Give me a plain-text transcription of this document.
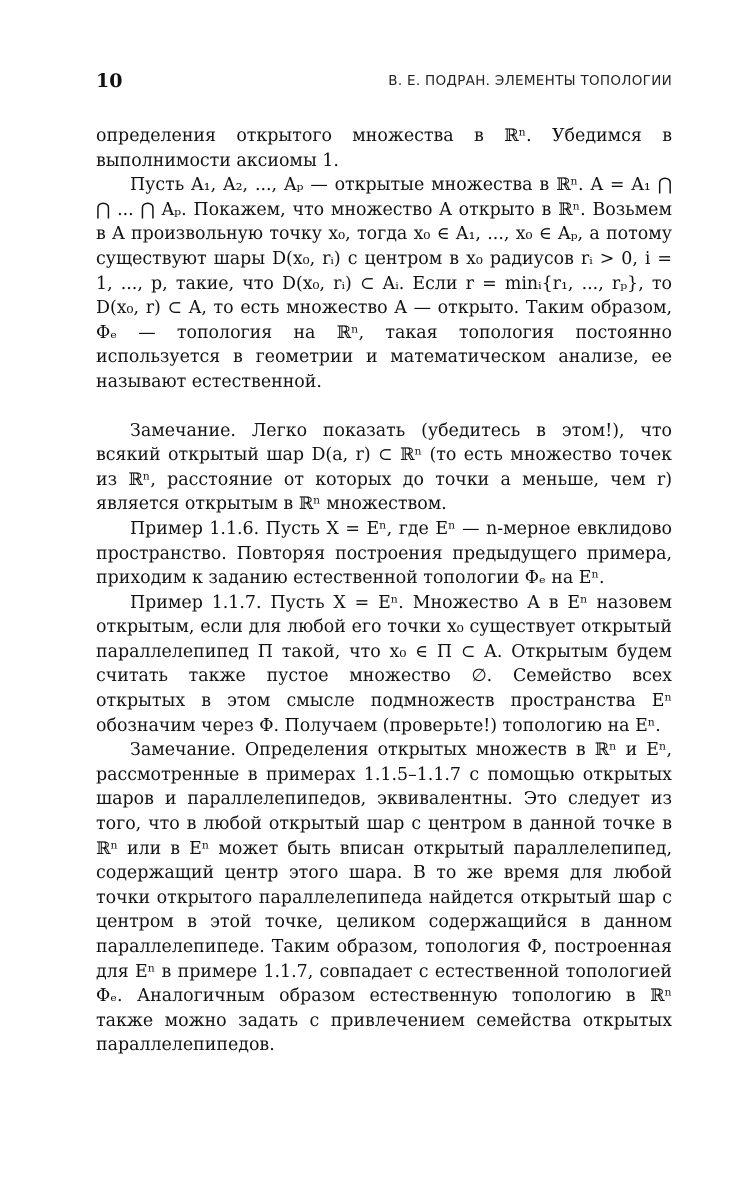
10	В. Е. ПОДРАН. ЭЛЕМЕНТЫ ТОПОЛОГИИ

определения открытого множества в ℝⁿ. Убедимся в выполнимости аксиомы 1.

Пусть A₁, A₂, ..., Aₚ — открытые множества в ℝⁿ. A = A₁ ⋂ ⋂ ... ⋂ Aₚ. Покажем, что множество A открыто в ℝⁿ. Возьмем в A произвольную точку x₀, тогда x₀ ∈ A₁, ..., x₀ ∈ Aₚ, а потому существуют шары D(x₀, rᵢ) с центром в x₀ радиусов rᵢ > 0, i = 1, ..., p, такие, что D(x₀, rᵢ) ⊂ Aᵢ. Если r = minᵢ{r₁, ..., rₚ}, то D(x₀, r) ⊂ A, то есть множество A — открыто. Таким образом, Φₑ — топология на ℝⁿ, такая топология постоянно используется в геометрии и математическом анализе, ее называют естественной.

Замечание. Легко показать (убедитесь в этом!), что всякий открытый шар D(a, r) ⊂ ℝⁿ (то есть множество точек из ℝⁿ, расстояние от которых до точки a меньше, чем r) является открытым в ℝⁿ множеством.

Пример 1.1.6. Пусть X = Eⁿ, где Eⁿ — n-мерное евклидово пространство. Повторяя построения предыдущего примера, приходим к заданию естественной топологии Φₑ на Eⁿ.

Пример 1.1.7. Пусть X = Eⁿ. Множество A в Eⁿ назовем открытым, если для любой его точки x₀ существует открытый параллелепипед Π такой, что x₀ ∈ Π ⊂ A. Открытым будем считать также пустое множество ∅. Семейство всех открытых в этом смысле подмножеств пространства Eⁿ обозначим через Φ. Получаем (проверьте!) топологию на Eⁿ.

Замечание. Определения открытых множеств в ℝⁿ и Eⁿ, рассмотренные в примерах 1.1.5–1.1.7 с помощью открытых шаров и параллелепипедов, эквивалентны. Это следует из того, что в любой открытый шар с центром в данной точке в ℝⁿ или в Eⁿ может быть вписан открытый параллелепипед, содержащий центр этого шара. В то же время для любой точки открытого параллелепипеда найдется открытый шар с центром в этой точке, целиком содержащийся в данном параллелепипеде. Таким образом, топология Φ, построенная для Eⁿ в примере 1.1.7, совпадает с естественной топологией Φₑ. Аналогичным образом естественную топологию в ℝⁿ также можно задать с привлечением семейства открытых параллелепипедов.
